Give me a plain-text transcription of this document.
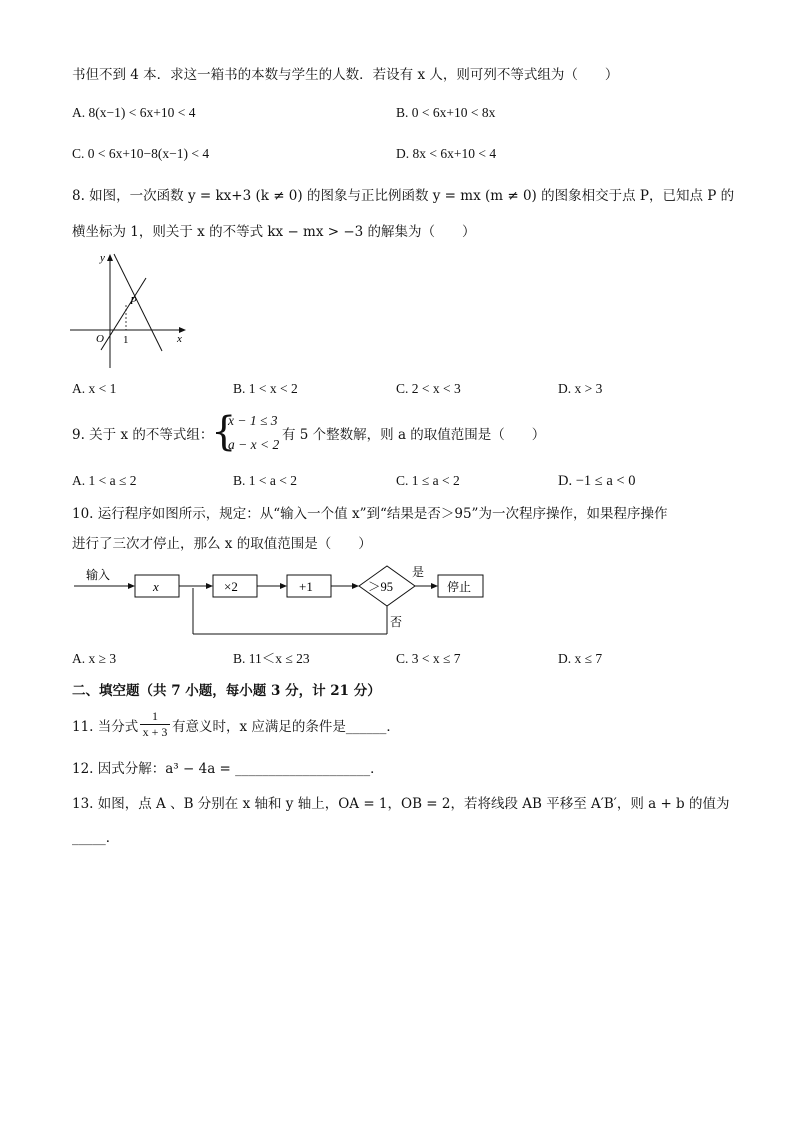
书但不到 4 本．求这一箱书的本数与学生的人数．若设有 x 人，则可列不等式组为（　　）
A. 8(x−1) < 6x+10 < 4	B. 0 < 6x+10 < 8x
C. 0 < 6x+10−8(x−1) < 4	D. 8x < 6x+10 < 4
8. 如图，一次函数 y = kx+3 (k ≠ 0) 的图象与正比例函数 y = mx (m ≠ 0) 的图象相交于点 P，已知点 P 的
横坐标为 1，则关于 x 的不等式 kx − mx > −3 的解集为（　　）
y
x
O
P
1
A. x < 1	B. 1 < x < 2	C. 2 < x < 3	D. x > 3
9. 关于 x 的不等式组：
{
x − 1 ≤ 3
a − x < 2
有 5 个整数解，则 a 的取值范围是（　　）
A. 1 < a ≤ 2	B. 1 < a < 2	C. 1 ≤ a < 2	D. −1 ≤ a < 0
10. 运行程序如图所示，规定：从“输入一个值 x”到“结果是否＞95”为一次程序操作，如果程序操作
进行了三次才停止，那么 x 的取值范围是（　　）
输入
x	×2	+1	＞95
是
停止
否
A. x ≥ 3	B. 11＜x ≤ 23	C. 3 < x ≤ 7	D. x ≤ 7
二、填空题（共 7 小题，每小题 3 分，计 21 分）
11. 当分式 $\frac{1}{x + 3}$ 有意义时，x 应满足的条件是______．
12. 因式分解：a³ − 4a = ____________________．
13. 如图，点 A 、B 分别在 x 轴和 y 轴上，OA = 1，OB = 2，若将线段 AB 平移至 A′B′，则 a + b 的值为
_____．
